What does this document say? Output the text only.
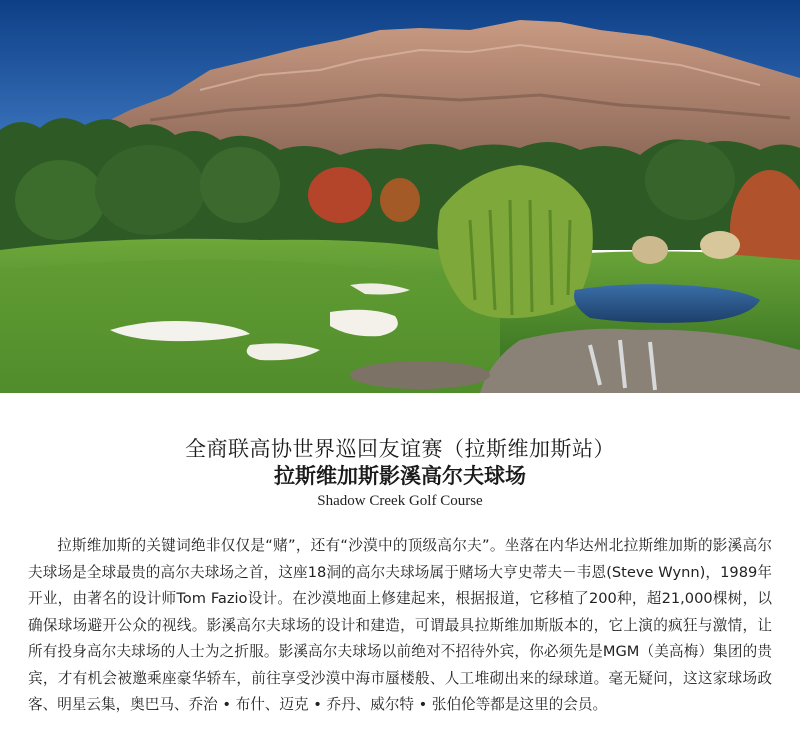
全商联高协世界巡回友谊赛（拉斯维加斯站）

拉斯维加斯影溪高尔夫球场

Shadow Creek Golf Course

拉斯维加斯的关键词绝非仅仅是“赌”，还有“沙漠中的顶级高尔夫”。坐落在内华达州北拉斯维加斯的影溪高尔夫球场是全球最贵的高尔夫球场之首，这座18洞的高尔夫球场属于赌场大亨史蒂夫－韦恩(Steve Wynn)，1989年开业，由著名的设计师Tom Fazio设计。在沙漠地面上修建起来，根据报道，它移植了200种，超21,000棵树，以确保球场避开公众的视线。影溪高尔夫球场的设计和建造，可谓最具拉斯维加斯版本的，它上演的疯狂与激情，让所有投身高尔夫球场的人士为之折服。影溪高尔夫球场以前绝对不招待外宾，你必须先是MGM（美高梅）集团的贵宾，才有机会被邀乘座豪华轿车，前往享受沙漠中海市蜃楼般、人工堆砌出来的绿球道。毫无疑问，这这家球场政客、明星云集，奥巴马、乔治 • 布什、迈克 • 乔丹、威尔特 • 张伯伦等都是这里的会员。
